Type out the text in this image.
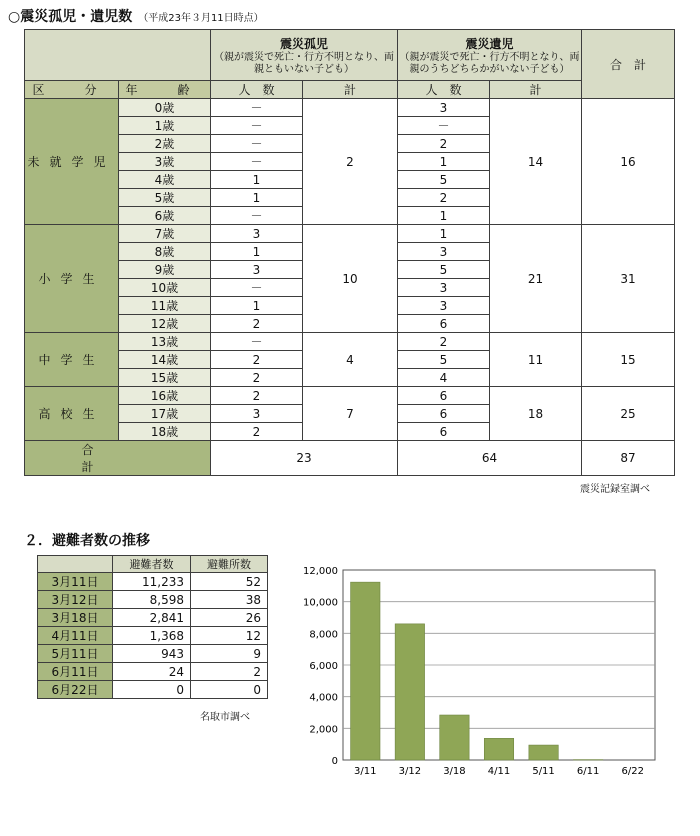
○震災孤児・遺児数 （平成23年３月11日時点）

		震災孤児
（親が震災で死亡・行方不明となり、両親ともいない子ども）		震災遺児
（親が震災で死亡・行方不明となり、両親のうちどちらかがいない子ども）		合　計
区　分	年　齢	人　数	計	人　数	計	
未就学児	0歳	－	2	3	14	16
	1歳	－		－		
	2歳	－		2		
	3歳	－		1		
	4歳	1		5		
	5歳	1		2		
	6歳	－		1		
小学生	7歳	3	10	1	21	31
	8歳	1		3		
	9歳	3		5		
	10歳	－		3		
	11歳	1		3		
	12歳	2		6		
中学生	13歳	－	4	2	11	15
	14歳	2		5		
	15歳	2		4		
高校生	16歳	2	7	6	18	25
	17歳	3		6		
	18歳	2		6		
合　計		23		64		87
震災記録室調べ
２．避難者数の推移
	避難者数	避難所数
3月11日	11,233	52
3月12日	8,598	38
3月18日	2,841	26
4月11日	1,368	12
5月11日	943	9
6月11日	24	2
6月22日	0	0
名取市調べ
0
2,000
4,000
6,000
8,000
10,000
12,000
3/11 3/12 3/18 4/11 5/11 6/11 6/22
